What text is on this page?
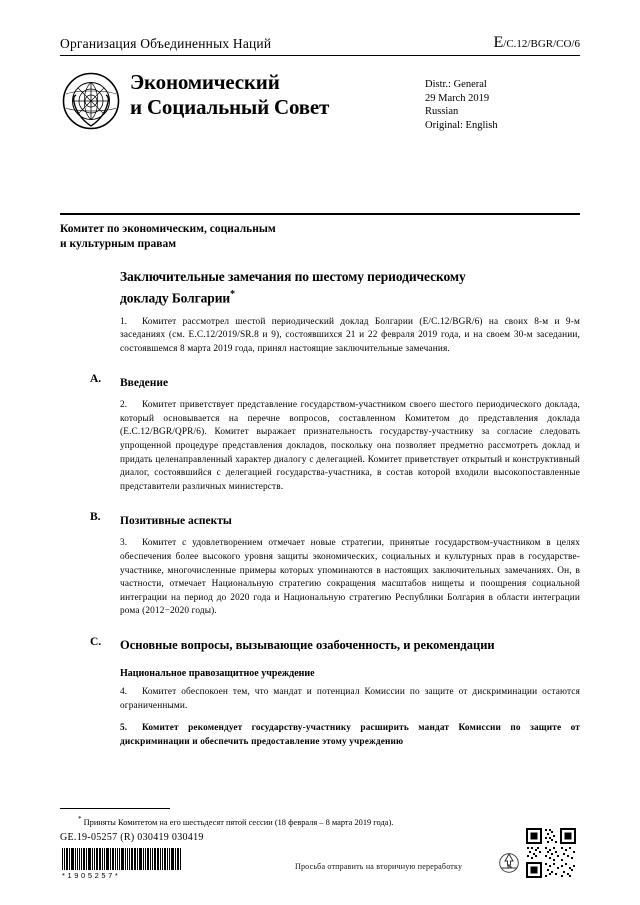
Организация Объединенных Наций	E/C.12/BGR/CO/6
Экономический
и Социальный Совет
Distr.: General
29 March 2019
Russian
Original: English
Комитет по экономическим, социальным
и культурным правам
Заключительные замечания по шестому периодическому
докладу Болгарии*

1. Комитет рассмотрел шестой периодический доклад Болгарии (E/C.12/BGR/6) на своих 8-м и 9-м заседаниях (см. E.C.12/2019/SR.8 и 9), состоявшихся 21 и 22 февраля 2019 года, и на своем 30-м заседании, состоявшемся 8 марта 2019 года, принял настоящие заключительные замечания.

A. Введение

2. Комитет приветствует представление государством-участником своего шестого периодического доклада, который основывается на перечне вопросов, составленном Комитетом до представления доклада (E.C.12/BGR/QPR/6). Комитет выражает признательность государству-участнику за согласие следовать упрощенной процедуре представления докладов, поскольку она позволяет предметно рассмотреть доклад и придать целенаправленный характер диалогу с делегацией. Комитет приветствует открытый и конструктивный диалог, состоявшийся с делегацией государства-участника, в состав которой входили высокопоставленные представители различных министерств.

B. Позитивные аспекты

3. Комитет с удовлетворением отмечает новые стратегии, принятые государством-участником в целях обеспечения более высокого уровня защиты экономических, социальных и культурных прав в государстве-участнике, многочисленные примеры которых упоминаются в настоящих заключительных замечаниях. Он, в частности, отмечает Национальную стратегию сокращения масштабов нищеты и поощрения социальной интеграции на период до 2020 года и Национальную стратегию Республики Болгария в области интеграции рома (2012−2020 годы).

C. Основные вопросы, вызывающие озабоченность, и рекомендации
Национальное правозащитное учреждение

4. Комитет обеспокоен тем, что мандат и потенциал Комиссии по защите от дискриминации остаются ограниченными.

5. Комитет рекомендует государству-участнику расширить мандат Комиссии по защите от дискриминации и обеспечить предоставление этому учреждению

* Приняты Комитетом на его шестьдесят пятой сессии (18 февраля – 8 марта 2019 года).
GE.19-05257 (R) 030419 030419
*1905257*
Просьба отправить на вторичную переработку
